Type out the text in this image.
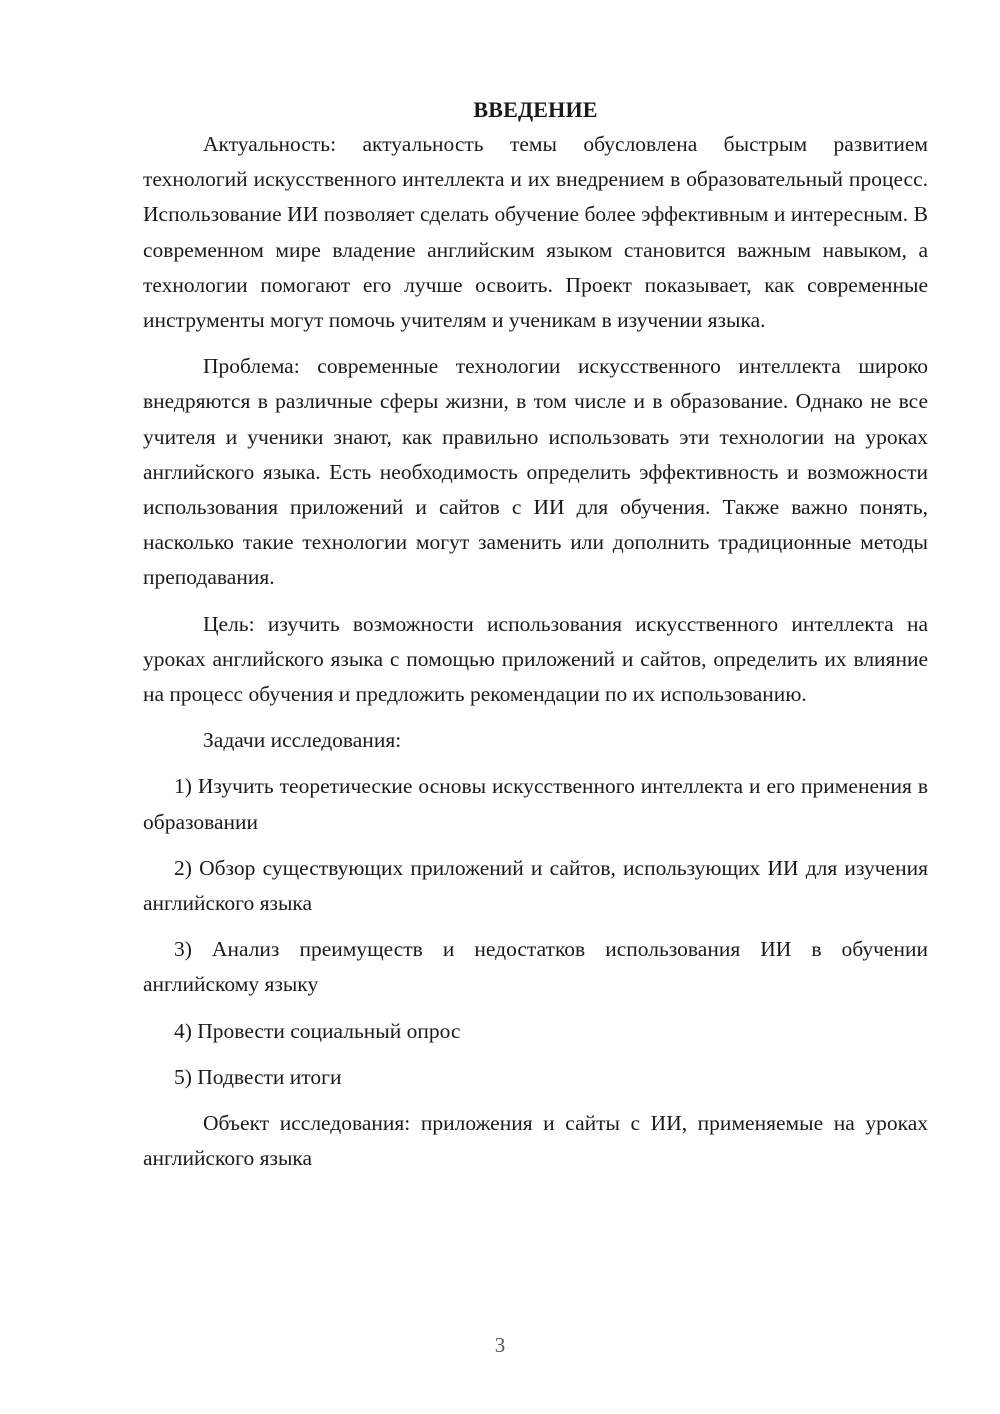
ВВЕДЕНИЕ

Актуальность: актуальность темы обусловлена быстрым развитием технологий искусственного интеллекта и их внедрением в образовательный процесс. Использование ИИ позволяет сделать обучение более эффективным и интересным. В современном мире владение английским языком становится важным навыком, а технологии помогают его лучше освоить. Проект показывает, как современные инструменты могут помочь учителям и ученикам в изучении языка.

Проблема: современные технологии искусственного интеллекта широко внедряются в различные сферы жизни, в том числе и в образование. Однако не все учителя и ученики знают, как правильно использовать эти технологии на уроках английского языка. Есть необходимость определить эффективность и возможности использования приложений и сайтов с ИИ для обучения. Также важно понять, насколько такие технологии могут заменить или дополнить традиционные методы преподавания.

Цель: изучить возможности использования искусственного интеллекта на уроках английского языка с помощью приложений и сайтов, определить их влияние на процесс обучения и предложить рекомендации по их использованию.

Задачи исследования:

1) Изучить теоретические основы искусственного интеллекта и его применения в образовании

2) Обзор существующих приложений и сайтов, использующих ИИ для изучения английского языка

3) Анализ преимуществ и недостатков использования ИИ в обучении английскому языку

4) Провести социальный опрос

5) Подвести итоги

Объект исследования: приложения и сайты с ИИ, применяемые на уроках английского языка

3
